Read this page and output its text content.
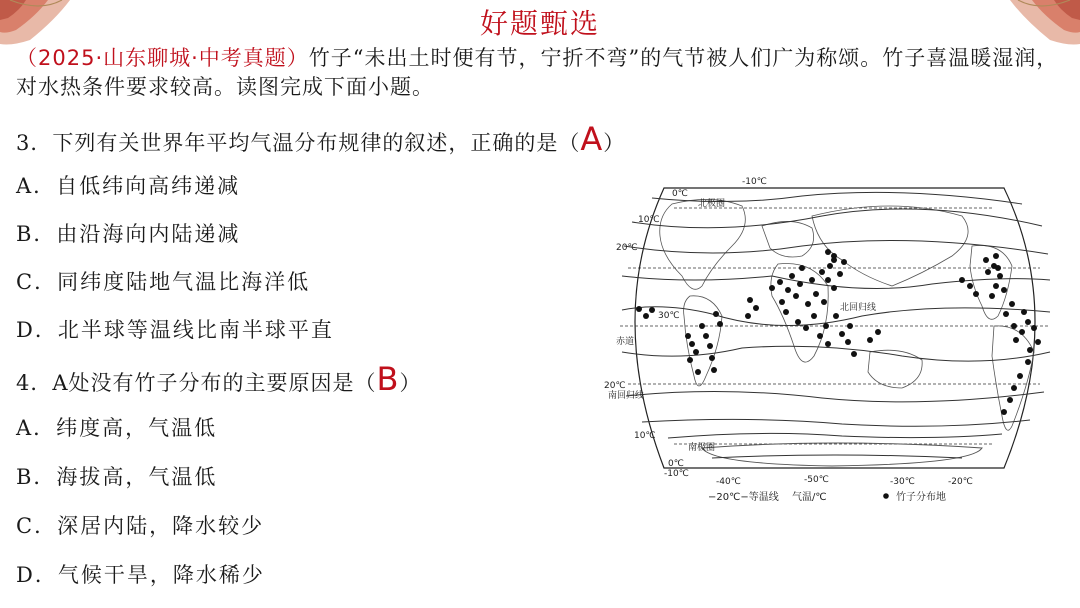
好题甄选
（2025·山东聊城·中考真题）竹子“未出土时便有节，宁折不弯”的气节被人们广为称颂。竹子喜温暖湿润，对水热条件要求较高。读图完成下面小题。
3．下列有关世界年平均气温分布规律的叙述，正确的是（A）
A．自低纬向高纬递减
B．由沿海向内陆递减
C．同纬度陆地气温比海洋低
D．北半球等温线比南半球平直
4．A处没有竹子分布的主要原因是（B）
A．纬度高，气温低
B．海拔高，气温低
C．深居内陆，降水较少
D．气候干旱，降水稀少
-10℃
0℃
北极圈
10℃
20℃
北回归线
30℃
赤道
20℃
南回归线
10℃
南极圈
0℃
-10℃
-40℃	-50℃	-30℃	-20℃
−20℃−等温线 气温/℃	竹子分布地
